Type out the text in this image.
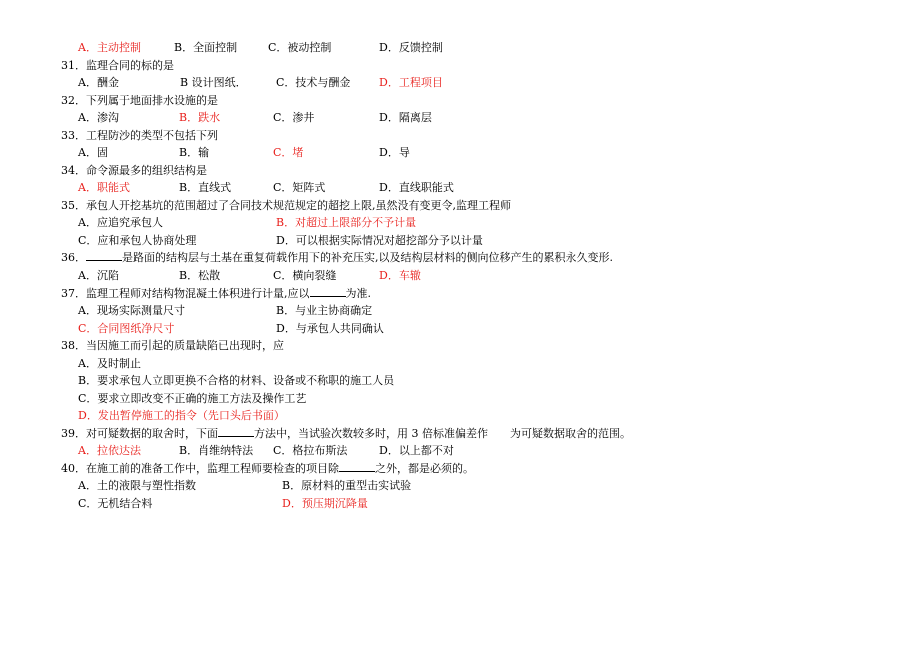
A．主动控制	B．全面控制	C．被动控制	D．反馈控制
31．监理合同的标的是
A．酬金	B 设计图纸．	C．技术与酬金	D．工程项目
32．下列属于地面排水设施的是
A．渗沟	B．跌水	C．渗井	D．隔离层
33．工程防沙的类型不包括下列
A．固	B．输	C．堵	D．导
34．命令源最多的组织结构是
A．职能式	B．直线式	C．矩阵式	D．直线职能式
35．承包人开挖基坑的范围超过了合同技术规范规定的超挖上限,虽然没有变更令,监理工程师
A．应追究承包人	B．对超过上限部分不予计量
C．应和承包人协商处理	D．可以根据实际情况对超挖部分予以计量
36．	是路面的结构层与土基在重复荷载作用下的补充压实,以及结构层材料的侧向位移产生的累积永久变形.
A．沉陷	B．松散	C．横向裂缝	D．车辙
37．监理工程师对结构物混凝土体积进行计量,应以	为准.
A．现场实际测量尺寸	B．与业主协商确定
C．合同图纸净尺寸	D．与承包人共同确认
38．当因施工而引起的质量缺陷已出现时，应
A．及时制止
B．要求承包人立即更换不合格的材料、设备或不称职的施工人员
C．要求立即改变不正确的施工方法及操作工艺
D．发出暂停施工的指令（先口头后书面）
39．对可疑数据的取舍时，下面	方法中，当试验次数较多时，用 3 倍标准偏差作　　为可疑数据取舍的范围。
A．拉依达法	B．肖维纳特法 C．格拉布斯法	D．以上都不对
40．在施工前的准备工作中，监理工程师要检查的项目除	之外，都是必须的。
A．土的液限与塑性指数	B．原材料的重型击实试验
C．无机结合料	D．预压期沉降量
